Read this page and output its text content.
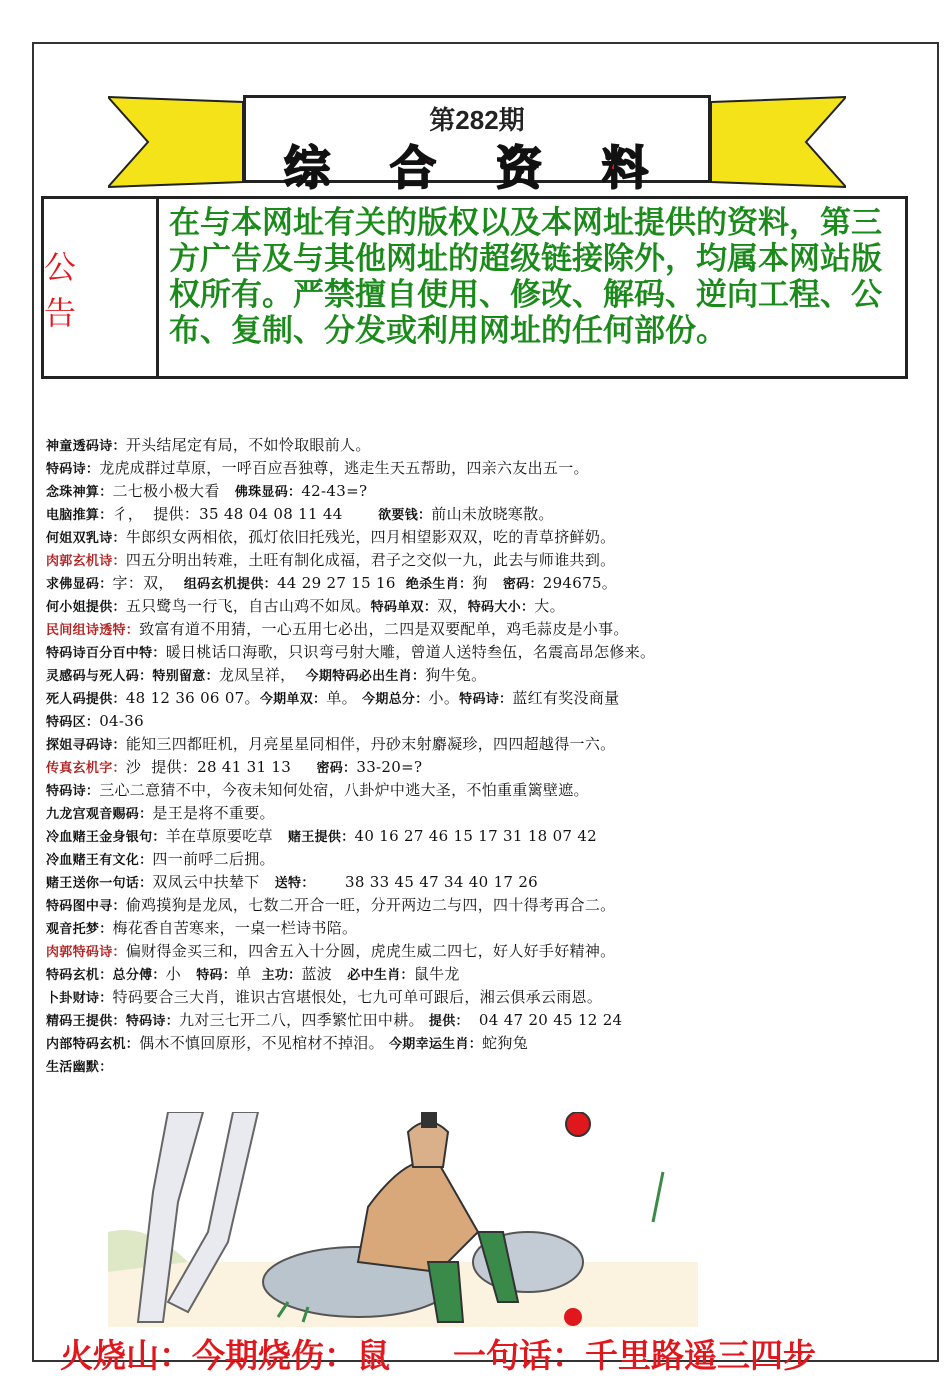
第282期
综 合 资 料
公 告
在与本网址有关的版权以及本网址提供的资料，第三方广告及与其他网址的超级链接除外，均属本网站版权所有。严禁擅自使用、修改、解码、逆向工程、公布、复制、分发或利用网址的任何部份。
神童透码诗：开头结尾定有局，不如怜取眼前人。
特码诗：龙虎成群过草原，一呼百应吾独尊，逃走生天五帮助，四亲六友出五一。
念珠神算：二七极小极大看   佛珠显码：42-43=?
电脑推算：彳，  提供：35 48 04 08 11 44       欲要钱：前山未放晓寒散。
何姐双乳诗：牛郎织女两相依，孤灯依旧托残光，四月相望影双双，吃的青草挤鲜奶。
肉郭玄机诗：四五分明出转难，土旺有制化成福，君子之交似一九，此去与师谁共到。
求佛显码：字：双，  组码玄机提供：44 29 27 15 16  绝杀生肖：狗   密码：294675。
何小姐提供：五只鹭鸟一行飞，自古山鸡不如凤。特码单双：双，特码大小：大。
民间组诗透特：致富有道不用猜，一心五用七必出，二四是双要配单，鸡毛蒜皮是小事。
特码诗百分百中特：暖日桃话口海歌，只识弯弓射大雕，曾道人送特叁伍，名震高昂怎修来。
灵感码与死人码：特别留意：龙凤呈祥，  今期特码必出生肖：狗牛兔。
死人码提供：48 12 36 06 07。今期单双：单。 今期总分：小。特码诗：蓝红有奖没商量
特码区：04-36
探姐寻码诗：能知三四都旺机，月亮星星同相伴，丹砂末射麝凝珍，四四超越得一六。
传真玄机字：沙  提供：28 41 31 13     密码：33-20=?
特码诗：三心二意猜不中，今夜未知何处宿，八卦炉中逃大圣，不怕重重篱壁遮。
九龙宫观音赐码：是王是将不重要。
冷血赌王金身银句：羊在草原要吃草   赌王提供：40 16 27 46 15 17 31 18 07 42
冷血赌王有文化：四一前呼二后拥。
赌王送你一句话：双凤云中扶辇下   送特：      38 33 45 47 34 40 17 26
特码图中寻：偷鸡摸狗是龙凤，七数二开合一旺，分开两边二与四，四十得考再合二。
观音托梦：梅花香自苦寒来，一桌一栏诗书陪。
肉郭特码诗：偏财得金买三和，四舍五入十分圆，虎虎生威二四七，好人好手好精神。
特码玄机：总分傅：小   特码：单  主功：蓝波   必中生肖：鼠牛龙
卜卦财诗：特码要合三大肖，谁识古宫堪恨处，七九可单可跟后，湘云俱承云雨恩。
精码王提供：特码诗：九对三七开二八，四季繁忙田中耕。 提供：  04 47 20 45 12 24
内部特码玄机：偶木不慎回原形，不见棺材不掉泪。 今期幸运生肖：蛇狗兔
生活幽默：
火烧山：今期烧伤：鼠 一句话：千里路遥三四步
